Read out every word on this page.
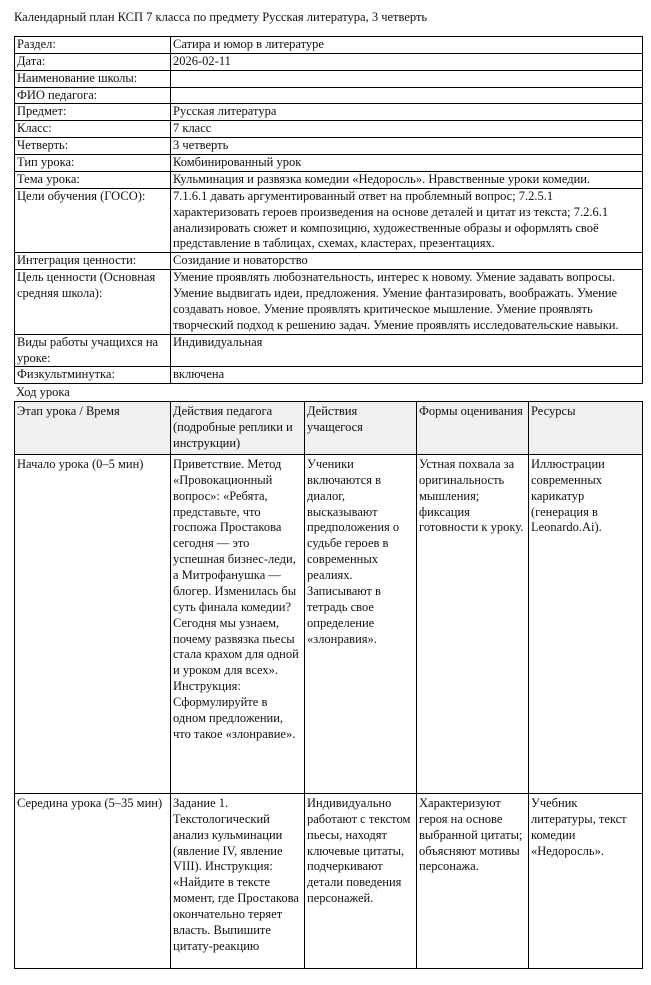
Календарный план КСП 7 класса по предмету Русская литература, 3 четверть
Раздел:	Сатира и юмор в литературе
Дата:	2026-02-11
Наименование школы:	
ФИО педагога:	
Предмет:	Русская литература
Класс:	7 класс
Четверть:	3 четверть
Тип урока:	Комбинированный урок
Тема урока:	Кульминация и развязка комедии «Недоросль». Нравственные уроки комедии.
Цели обучения (ГОСО):	7.1.6.1 давать аргументированный ответ на проблемный вопрос; 7.2.5.1 характеризовать героев произведения на основе деталей и цитат из текста; 7.2.6.1 анализировать сюжет и композицию, художественные образы и оформлять своё представление в таблицах, схемах, кластерах, презентациях.
Интеграция ценности:	Созидание и новаторство
Цель ценности (Основная средняя школа):	Умение проявлять любознательность, интерес к новому. Умение задавать вопросы. Умение выдвигать идеи, предложения. Умение фантазировать, воображать. Умение создавать новое. Умение проявлять критическое мышление. Умение проявлять творческий подход к решению задач. Умение проявлять исследовательские навыки.
Виды работы учащихся на уроке:	Индивидуальная
Физкультминутка:	включена
Ход урока
Этап урока / Время	Действия педагога (подробные реплики и инструкции)	Действия учащегося	Формы оценивания	Ресурсы
Начало урока (0–5 мин)	Приветствие. Метод «Провокационный вопрос»: «Ребята, представьте, что госпожа Простакова сегодня — это успешная бизнес-леди, а Митрофанушка — блогер. Изменилась бы суть финала комедии? Сегодня мы узнаем, почему развязка пьесы стала крахом для одной и уроком для всех». Инструкция: Сформулируйте в одном предложении, что такое «злонравие».	Ученики включаются в диалог, высказывают предположения о судьбе героев в современных реалиях. Записывают в тетрадь свое определение «злонравия».	Устная похвала за оригинальность мышления; фиксация готовности к уроку.	Иллюстрации современных карикатур (генерация в Leonardo.Ai).
Середина урока (5–35 мин)	Задание 1. Текстологический анализ кульминации (явление IV, явление VIII). Инструкция: «Найдите в тексте момент, где Простакова окончательно теряет власть. Выпишите цитату-реакцию	Индивидуально работают с текстом пьесы, находят ключевые цитаты, подчеркивают детали поведения персонажей.	Характеризуют героя на основе выбранной цитаты; объясняют мотивы персонажа.	Учебник литературы, текст комедии «Недоросль».
